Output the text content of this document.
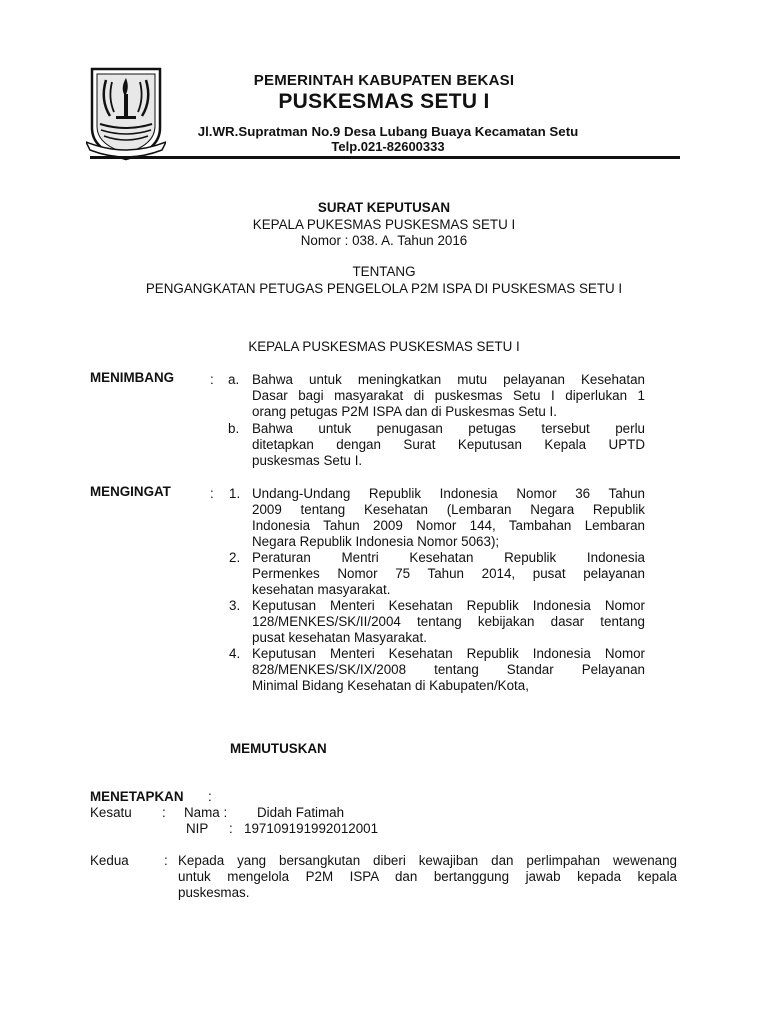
PEMERINTAH KABUPATEN BEKASI
PUSKESMAS SETU I
Jl.WR.Supratman No.9 Desa Lubang Buaya Kecamatan Setu
Telp.021-82600333
SURAT KEPUTUSAN
KEPALA PUKESMAS PUSKESMAS SETU I
Nomor : 038. A. Tahun 2016
TENTANG
PENGANGKATAN PETUGAS PENGELOLA P2M ISPA DI PUSKESMAS SETU I
KEPALA PUSKESMAS PUSKESMAS SETU I
MENIMBANG	: a. Bahwa untuk meningkatkan mutu pelayanan Kesehatan
Dasar bagi masyarakat di puskesmas Setu I diperlukan 1
orang petugas P2M ISPA dan di Puskesmas Setu I.
b. Bahwa untuk penugasan petugas tersebut perlu
ditetapkan dengan Surat Keputusan Kepala UPTD
puskesmas Setu I.
MENGINGAT	: 1. Undang-Undang Republik Indonesia Nomor 36 Tahun
2009 tentang Kesehatan (Lembaran Negara Republik
Indonesia Tahun 2009 Nomor 144, Tambahan Lembaran
Negara Republik Indonesia Nomor 5063);
2. Peraturan Mentri Kesehatan Republik Indonesia
Permenkes Nomor 75 Tahun 2014, pusat pelayanan
kesehatan masyarakat.
3. Keputusan Menteri Kesehatan Republik Indonesia Nomor
128/MENKES/SK/II/2004 tentang kebijakan dasar tentang
pusat kesehatan Masyarakat.
4. Keputusan Menteri Kesehatan Republik Indonesia Nomor
828/MENKES/SK/IX/2008 tentang Standar Pelayanan
Minimal Bidang Kesehatan di Kabupaten/Kota,
MEMUTUSKAN
MENETAPKAN :
Kesatu : Nama : Didah Fatimah
NIP : 197109191992012001
Kedua	: Kepada yang bersangkutan diberi kewajiban dan perlimpahan wewenang
untuk mengelola P2M ISPA dan bertanggung jawab kepada kepala
puskesmas.
